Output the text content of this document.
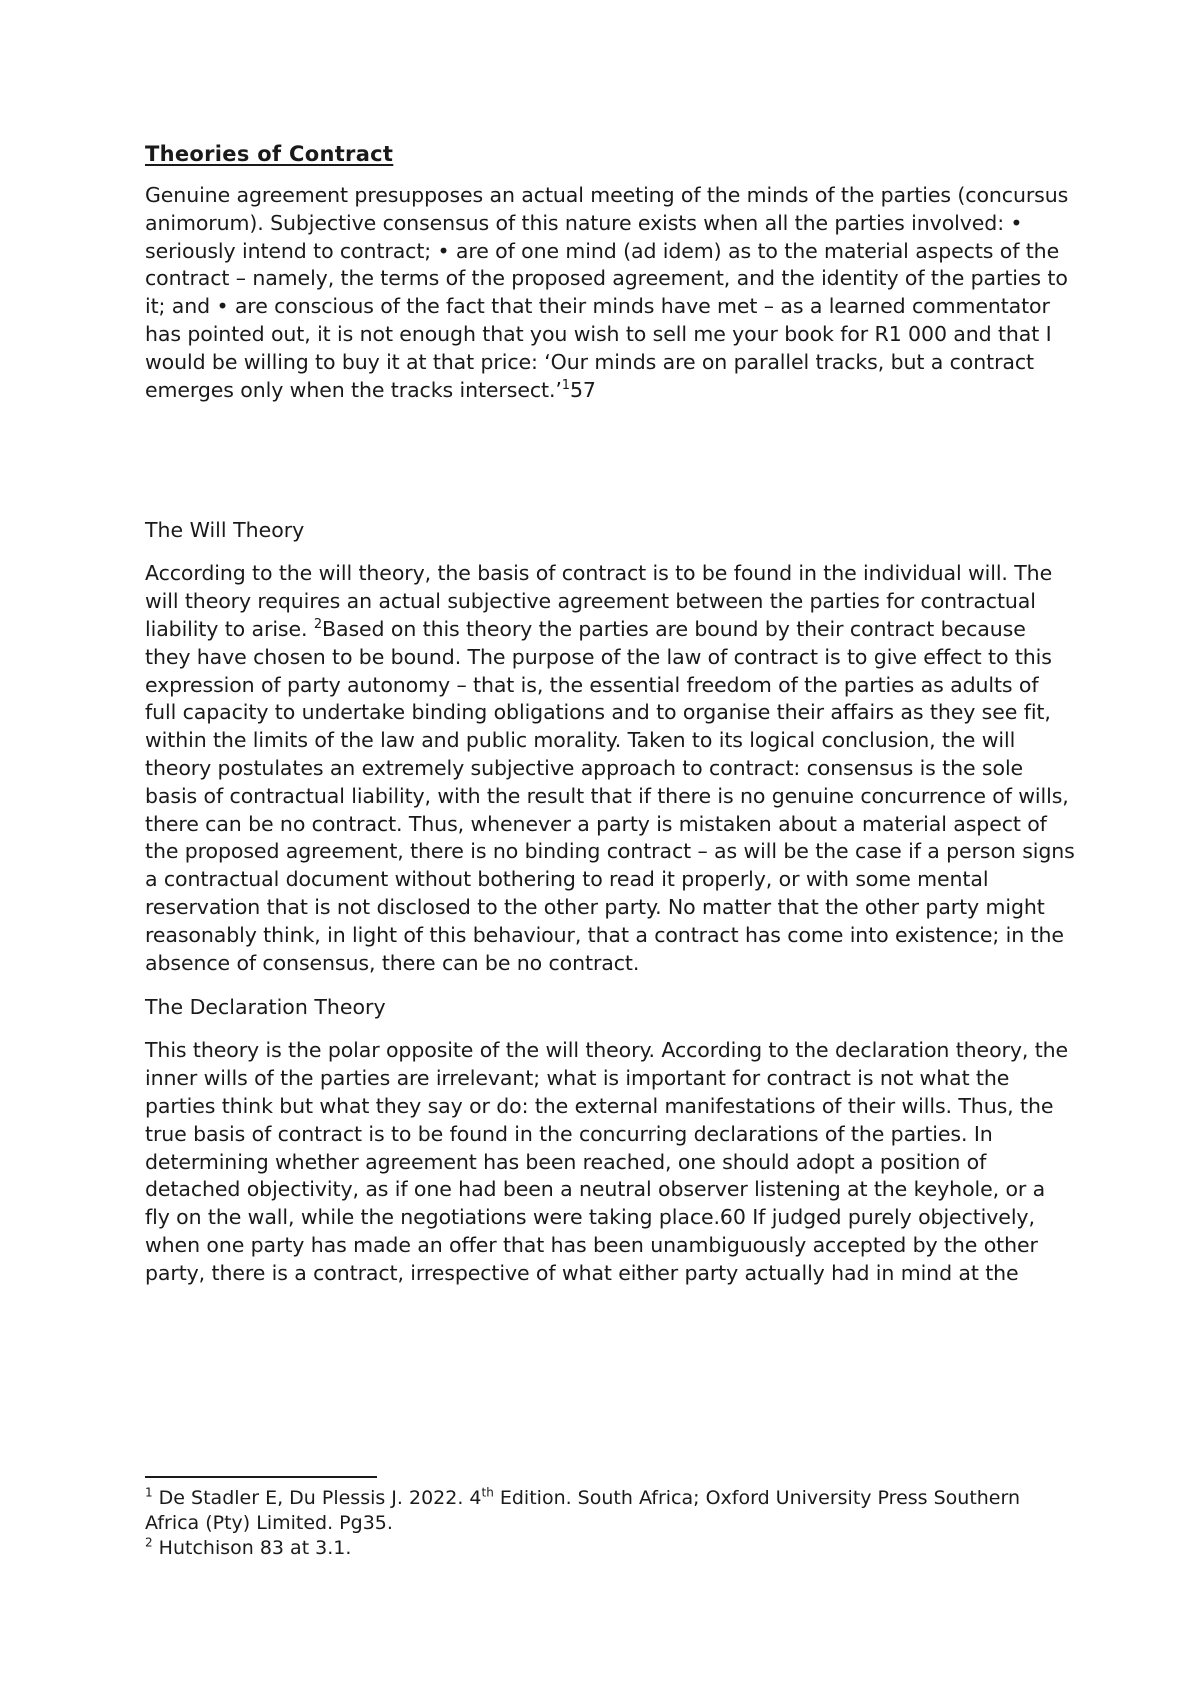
Theories of Contract

Genuine agreement presupposes an actual meeting of the minds of the parties (concursus animorum). Subjective consensus of this nature exists when all the parties involved: • seriously intend to contract; • are of one mind (ad idem) as to the material aspects of the contract – namely, the terms of the proposed agreement, and the identity of the parties to it; and • are conscious of the fact that their minds have met – as a learned commentator has pointed out, it is not enough that you wish to sell me your book for R1 000 and that I would be willing to buy it at that price: ‘Our minds are on parallel tracks, but a contract emerges only when the tracks intersect.’$^1$57

The Will Theory

According to the will theory, the basis of contract is to be found in the individual will. The will theory requires an actual subjective agreement between the parties for contractual liability to arise. $^2$Based on this theory the parties are bound by their contract because they have chosen to be bound. The purpose of the law of contract is to give effect to this expression of party autonomy – that is, the essential freedom of the parties as adults of full capacity to undertake binding obligations and to organise their affairs as they see fit, within the limits of the law and public morality. Taken to its logical conclusion, the will theory postulates an extremely subjective approach to contract: consensus is the sole basis of contractual liability, with the result that if there is no genuine concurrence of wills, there can be no contract. Thus, whenever a party is mistaken about a material aspect of the proposed agreement, there is no binding contract – as will be the case if a person signs a contractual document without bothering to read it properly, or with some mental reservation that is not disclosed to the other party. No matter that the other party might reasonably think, in light of this behaviour, that a contract has come into existence; in the absence of consensus, there can be no contract.

The Declaration Theory

This theory is the polar opposite of the will theory. According to the declaration theory, the inner wills of the parties are irrelevant; what is important for contract is not what the parties think but what they say or do: the external manifestations of their wills. Thus, the true basis of contract is to be found in the concurring declarations of the parties. In determining whether agreement has been reached, one should adopt a position of detached objectivity, as if one had been a neutral observer listening at the keyhole, or a fly on the wall, while the negotiations were taking place.60 If judged purely objectively, when one party has made an offer that has been unambiguously accepted by the other party, there is a contract, irrespective of what either party actually had in mind at the

$^1$ De Stadler E, Du Plessis J. 2022. 4th Edition. South Africa; Oxford University Press Southern Africa (Pty) Limited. Pg35.

$^2$ Hutchison 83 at 3.1.
